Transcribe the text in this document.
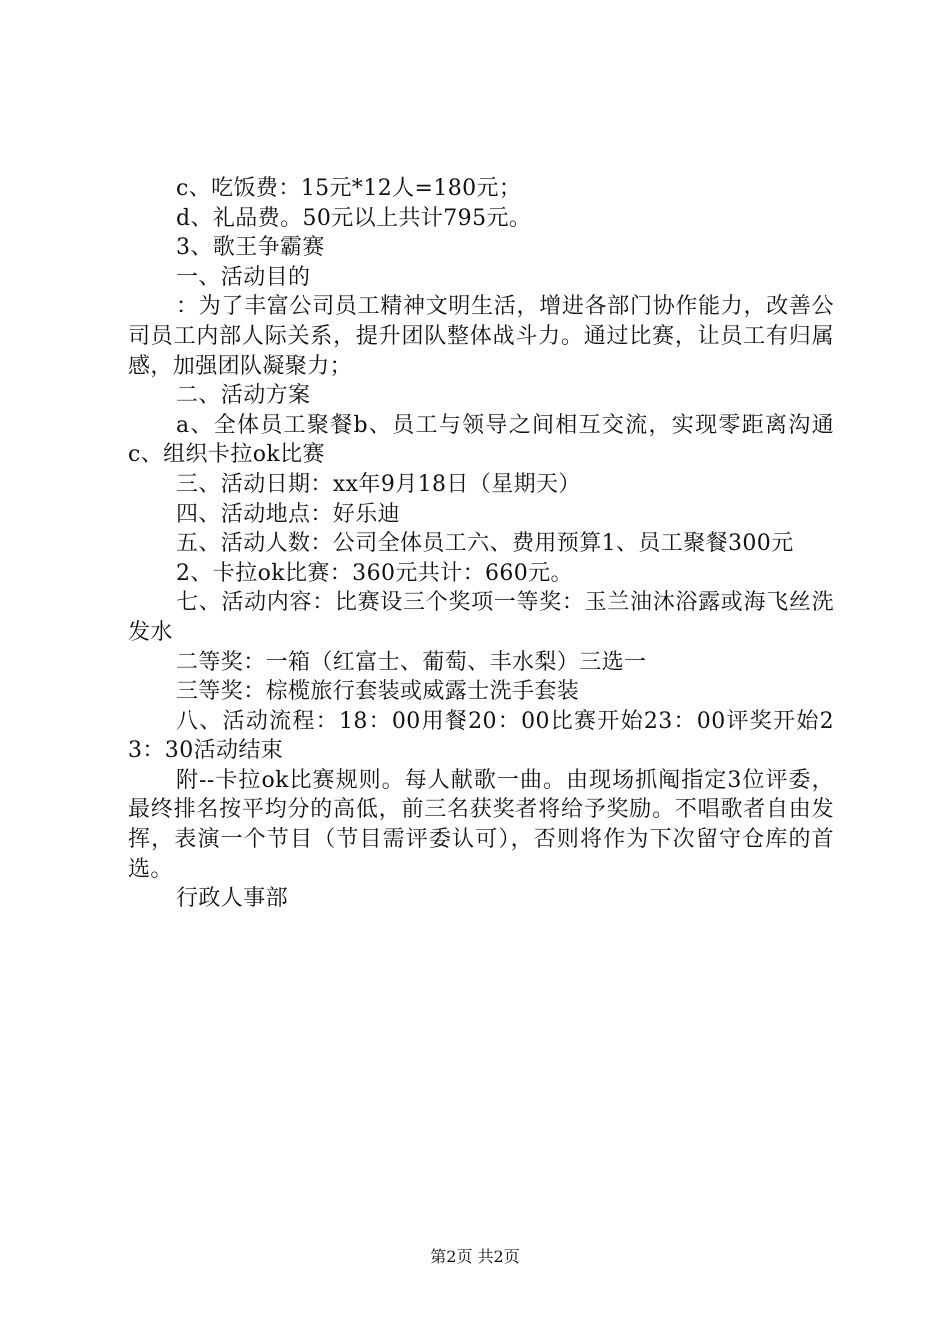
c、吃饭费：15元*12人=180元；

d、礼品费。50元以上共计795元。

3、歌王争霸赛

一、活动目的

：为了丰富公司员工精神文明生活，增进各部门协作能力，改善公司员工内部人际关系，提升团队整体战斗力。通过比赛，让员工有归属感，加强团队凝聚力；

二、活动方案

a、全体员工聚餐b、员工与领导之间相互交流，实现零距离沟通c、组织卡拉ok比赛

三、活动日期：xx年9月18日（星期天）

四、活动地点：好乐迪

五、活动人数：公司全体员工六、费用预算1、员工聚餐300元

2、卡拉ok比赛：360元共计：660元。

七、活动内容：比赛设三个奖项一等奖：玉兰油沐浴露或海飞丝洗发水

二等奖：一箱（红富士、葡萄、丰水梨）三选一

三等奖：棕榄旅行套装或威露士洗手套装

八、活动流程：18：00用餐20：00比赛开始23：00评奖开始23：30活动结束

附--卡拉ok比赛规则。每人献歌一曲。由现场抓阄指定3位评委，最终排名按平均分的高低，前三名获奖者将给予奖励。不唱歌者自由发挥，表演一个节目（节目需评委认可），否则将作为下次留守仓库的首选。

行政人事部

第2页 共2页
